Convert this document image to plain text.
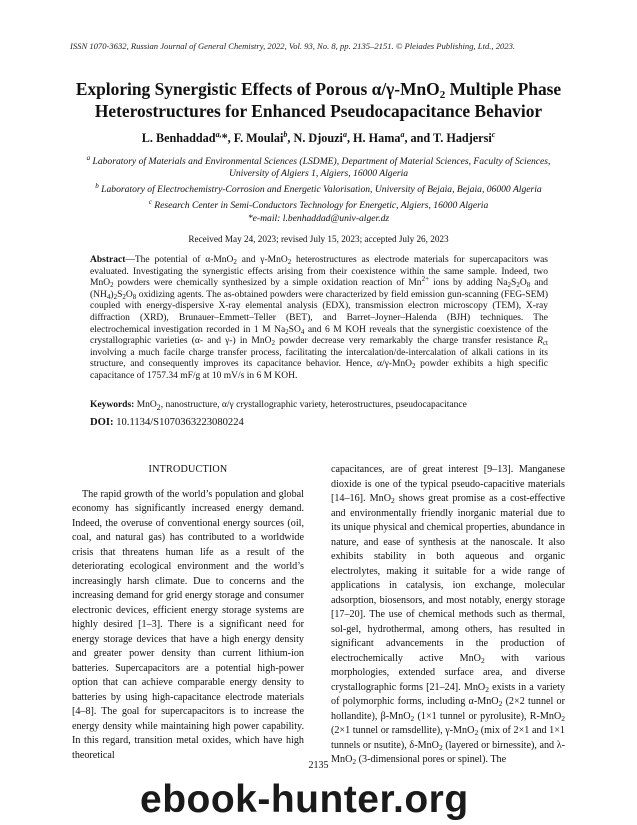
ISSN 1070-3632, Russian Journal of General Chemistry, 2022, Vol. 93, No. 8, pp. 2135–2151. © Pleiades Publishing, Ltd., 2023.
Exploring Synergistic Effects of Porous α/γ-MnO$_2$ Multiple Phase
Heterostructures for Enhanced Pseudocapacitance Behavior
L. Benhaddad$^{a,}$*, F. Moulai$^b$, N. Djouzi$^a$, H. Hama$^a$, and T. Hadjersi$^c$
$^a$ Laboratory of Materials and Environmental Sciences (LSDME), Department of Material Sciences, Faculty of Sciences,
University of Algiers 1, Algiers, 16000 Algeria
$^b$ Laboratory of Electrochemistry-Corrosion and Energetic Valorisation, University of Bejaia, Bejaia, 06000 Algeria
$^c$ Research Center in Semi-Conductors Technology for Energetic, Algiers, 16000 Algeria
*e-mail: l.benhaddad@univ-alger.dz
Received May 24, 2023; revised July 15, 2023; accepted July 26, 2023
Abstract—The potential of α-MnO$_2$ and γ-MnO$_2$ heterostructures as electrode materials for supercapacitors was evaluated. Investigating the synergistic effects arising from their coexistence within the same sample. Indeed, two MnO$_2$ powders were chemically synthesized by a simple oxidation reaction of $Mn^{2+}$ ions by adding $Na_2S_2O_8$ and $(NH_4)_2S_2O_8$ oxidizing agents. The as-obtained powders were characterized by field emission gun-scanning (FEG-SEM) coupled with energy-dispersive X-ray elemental analysis (EDX), transmission electron microscopy (TEM), X-ray diffraction (XRD), Brunauer–Emmett–Teller (BET), and Barret–Joyner–Halenda (BJH) techniques. The electrochemical investigation recorded in 1 M $Na_2SO_4$ and 6 M KOH reveals that the synergistic coexistence of the crystallographic varieties (α- and γ-) in MnO$_2$ powder decrease very remarkably the charge transfer resistance $R_{ct}$ involving a much facile charge transfer process, facilitating the intercalation/de-intercalation of alkali cations in its structure, and consequently improves its capacitance behavior. Hence, α/γ-MnO$_2$ powder exhibits a high specific capacitance of 1757.34 mF/g at 10 mV/s in 6 M KOH.
Keywords: MnO$_2$, nanostructure, α/γ crystallographic variety, heterostructures, pseudocapacitance
DOI: 10.1134/S1070363223080224
INTRODUCTION

The rapid growth of the world’s population and global economy has significantly increased energy demand. Indeed, the overuse of conventional energy sources (oil, coal, and natural gas) has contributed to a worldwide crisis that threatens human life as a result of the deteriorating ecological environment and the world’s increasingly harsh climate. Due to concerns and the increasing demand for grid energy storage and consumer electronic devices, efficient energy storage systems are highly desired [1–3]. There is a significant need for energy storage devices that have a high energy density and greater power density than current lithium-ion batteries. Supercapacitors are a potential high-power option that can achieve comparable energy density to batteries by using high-capacitance electrode materials [4–8]. The goal for supercapacitors is to increase the energy density while maintaining high power capability. In this regard, transition metal oxides, which have high theoretical

capacitances, are of great interest [9–13]. Manganese dioxide is one of the typical pseudo-capacitive materials [14–16]. MnO$_2$ shows great promise as a cost-effective and environmentally friendly inorganic material due to its unique physical and chemical properties, abundance in nature, and ease of synthesis at the nanoscale. It also exhibits stability in both aqueous and organic electrolytes, making it suitable for a wide range of applications in catalysis, ion exchange, molecular adsorption, biosensors, and most notably, energy storage [17–20]. The use of chemical methods such as thermal, sol-gel, hydrothermal, among others, has resulted in significant advancements in the production of electrochemically active MnO$_2$ with various morphologies, extended surface area, and diverse crystallographic forms [21–24]. MnO$_2$ exists in a variety of polymorphic forms, including α-MnO$_2$ (2×2 tunnel or hollandite), β-MnO$_2$ (1×1 tunnel or pyrolusite), R-MnO$_2$ (2×1 tunnel or ramsdellite), γ-MnO$_2$ (mix of 2×1 and 1×1 tunnels or nsutite), δ-MnO$_2$ (layered or birnessite), and λ-MnO$_2$ (3-dimensional pores or spinel). The

2135
ebook-hunter.org
